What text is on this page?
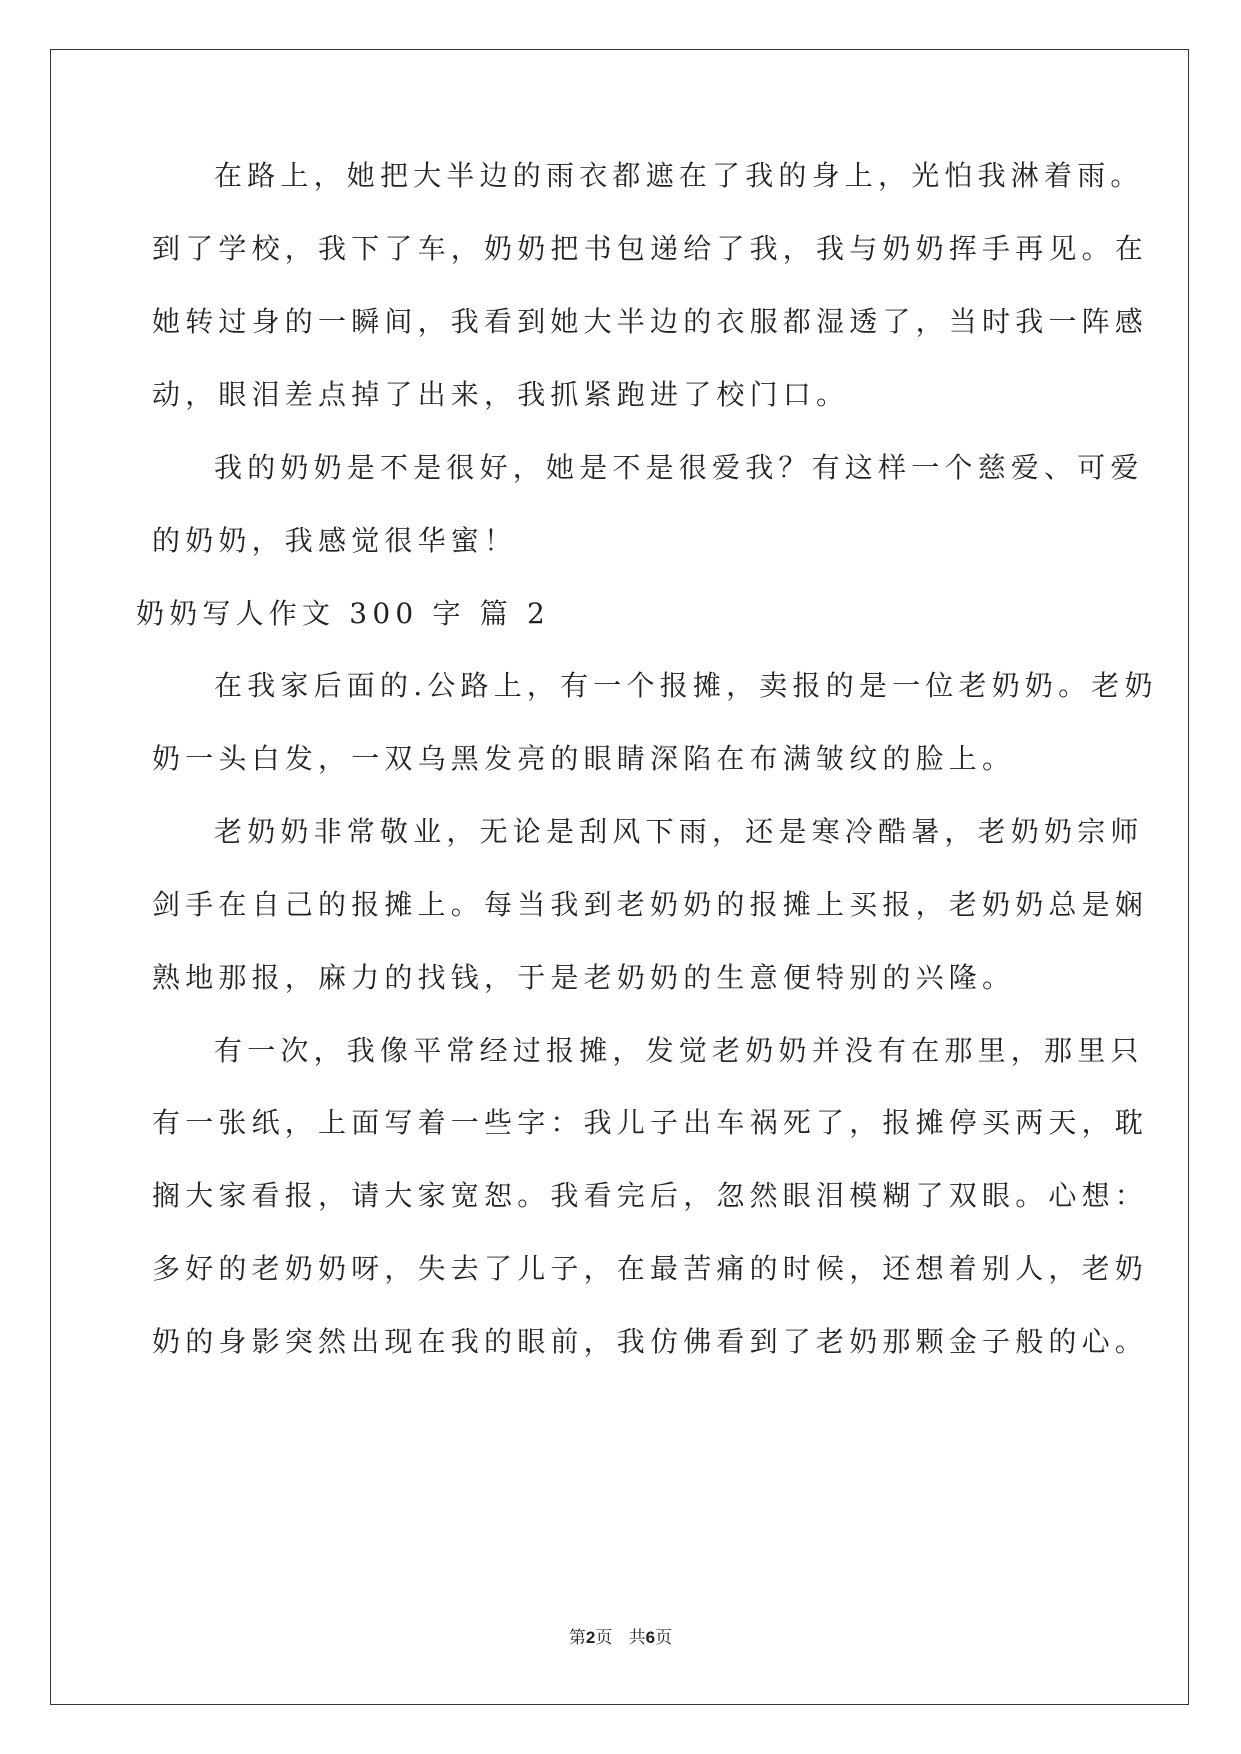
在路上，她把大半边的雨衣都遮在了我的身上，光怕我淋着雨。
到了学校，我下了车，奶奶把书包递给了我，我与奶奶挥手再见。在
她转过身的一瞬间，我看到她大半边的衣服都湿透了，当时我一阵感
动，眼泪差点掉了出来，我抓紧跑进了校门口。
我的奶奶是不是很好，她是不是很爱我？有这样一个慈爱、可爱
的奶奶，我感觉很华蜜！
奶奶写人作文 300 字 篇 2
在我家后面的.公路上，有一个报摊，卖报的是一位老奶奶。老奶
奶一头白发，一双乌黑发亮的眼睛深陷在布满皱纹的脸上。
老奶奶非常敬业，无论是刮风下雨，还是寒冷酷暑，老奶奶宗师
剑手在自己的报摊上。每当我到老奶奶的报摊上买报，老奶奶总是娴
熟地那报，麻力的找钱，于是老奶奶的生意便特别的兴隆。
有一次，我像平常经过报摊，发觉老奶奶并没有在那里，那里只
有一张纸，上面写着一些字：我儿子出车祸死了，报摊停买两天，耽
搁大家看报，请大家宽恕。我看完后，忽然眼泪模糊了双眼。心想：
多好的老奶奶呀，失去了儿子，在最苦痛的时候，还想着别人，老奶
奶的身影突然出现在我的眼前，我仿佛看到了老奶那颗金子般的心。
第2页 共6页
